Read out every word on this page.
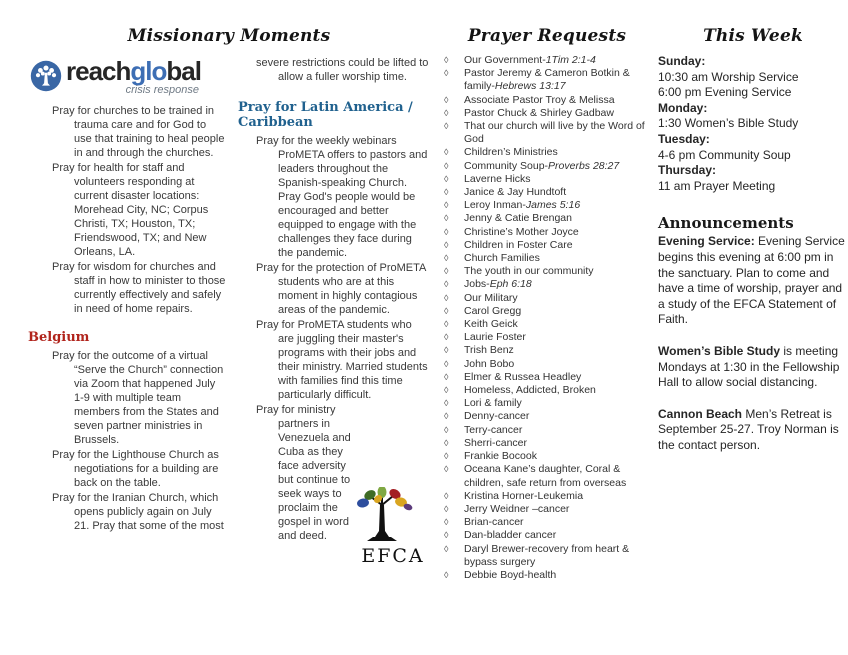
Missionary Moments
reachglobal
crisis response

Pray for churches to be trained in trauma care and for God to use that training to heal people in and through the churches.

Pray for health for staff and volunteers responding at current disaster locations: Morehead City, NC; Corpus Christi, TX; Houston, TX; Friendswood, TX; and New Orleans, LA.

Pray for wisdom for churches and staff in how to minister to those currently effectively and safely in need of home repairs.

Belgium

Pray for the outcome of a virtual “Serve the Church” connection via Zoom that happened July 1-9 with multiple team members from the States and seven partner ministries in Brussels.

Pray for the Lighthouse Church as negotiations for a building are back on the table.

Pray for the Iranian Church, which opens publicly again on July 21. Pray that some of the most

severe restrictions could be lifted to allow a fuller worship time.

Pray for Latin America / Caribbean

Pray for the weekly webinars ProMETA offers to pastors and leaders throughout the Spanish-speaking Church. Pray God's people would be encouraged and better equipped to engage with the challenges they face during the pandemic.

Pray for the protection of ProMETA students who are at this moment in highly contagious areas of the pandemic.

Pray for ProMETA students who are juggling their master's programs with their jobs and their ministry. Married students with families find this time particularly difficult.

EFCA
Pray for ministry partners in Venezuela and Cuba as they face adversity but continue to seek ways to proclaim the gospel in word and deed.

Prayer Requests
◊	Our Government-1Tim 2:1-4
◊	Pastor Jeremy & Cameron Botkin & family-Hebrews 13:17
◊	Associate Pastor Troy & Melissa
◊	Pastor Chuck & Shirley Gadbaw
◊	That our church will live by the Word of God
◊	Children’s Ministries
◊	Community Soup-Proverbs 28:27
◊	Laverne Hicks
◊	Janice & Jay Hundtoft
◊	Leroy Inman-James 5:16
◊	Jenny & Catie Brengan
◊	Christine’s Mother Joyce
◊	Children in Foster Care
◊	Church Families
◊	The youth in our community
◊	Jobs-Eph 6:18
◊	Our Military
◊	Carol Gregg
◊	Keith Geick
◊	Laurie Foster
◊	Trish Benz
◊	John Bobo
◊	Elmer & Russea Headley
◊	Homeless, Addicted, Broken
◊	Lori & family
◊	Denny-cancer
◊	Terry-cancer
◊	Sherri-cancer
◊	Frankie Bocook
◊	Oceana Kane’s daughter, Coral & children, safe return from overseas
◊	Kristina Horner-Leukemia
◊	Jerry Weidner –cancer
◊	Brian-cancer
◊	Dan-bladder cancer
◊	Daryl Brewer-recovery from heart & bypass surgery
◊	Debbie Boyd-health
This Week
Sunday:
10:30 am Worship Service
6:00 pm Evening Service
Monday:
1:30 Women’s Bible Study
Tuesday:
4-6 pm Community Soup
Thursday:
11 am Prayer Meeting
Announcements

Evening Service: Evening Service begins this evening at 6:00 pm in the sanctuary. Plan to come and have a time of worship, prayer and a study of the EFCA Statement of Faith.

Women’s Bible Study is meeting Mondays at 1:30 in the Fellowship Hall to allow social distancing.

Cannon Beach Men’s Retreat is September 25-27. Troy Norman is the contact person.
